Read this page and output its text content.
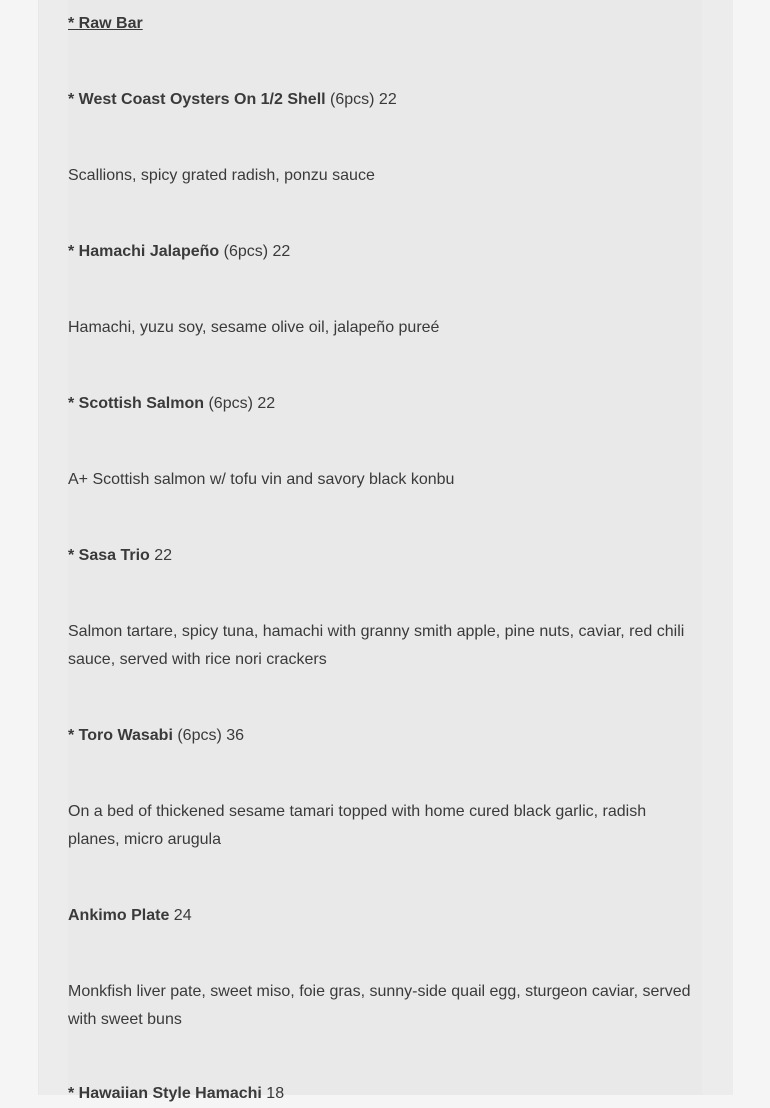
* Raw Bar

* West Coast Oysters On 1/2 Shell (6pcs) 22

Scallions, spicy grated radish, ponzu sauce

* Hamachi Jalapeño (6pcs) 22

Hamachi, yuzu soy, sesame olive oil, jalapeño pureé

* Scottish Salmon (6pcs) 22

A+ Scottish salmon w/ tofu vin and savory black konbu

* Sasa Trio 22

Salmon tartare, spicy tuna, hamachi with granny smith apple, pine nuts, caviar, red chili sauce, served with rice nori crackers

* Toro Wasabi (6pcs) 36

On a bed of thickened sesame tamari topped with home cured black garlic, radish planes, micro arugula

Ankimo Plate 24

Monkfish liver pate, sweet miso, foie gras, sunny-side quail egg, sturgeon caviar, served with sweet buns

* Hawaiian Style Hamachi 18
